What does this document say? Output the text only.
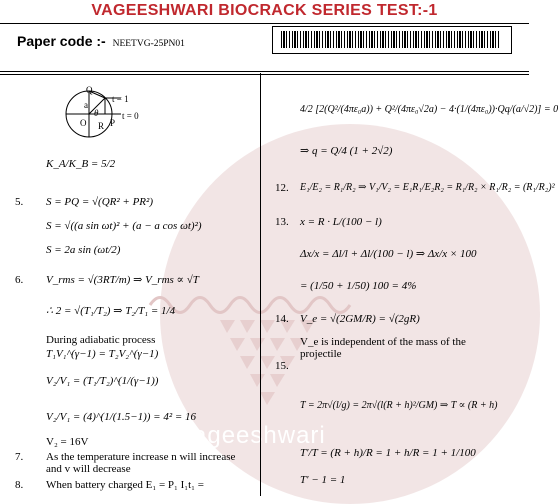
vageeshwari
VAGEESHWARI BIOCRACK SERIES TEST:-1
Paper code :- NEETVG-25PN01
Q
a
P
O R
θ
t = 1
t = 0
K_A/K_B = 5/2
5. S = PQ = √(QR² + PR²)
S = √((a sin ωt)² + (a − a cos ωt)²)
S = 2a sin (ωt/2)
6. V_rms = √(3RT/m) ⇒ V_rms ∝ √T
∴ 2 = √(T₁/T₂) ⇒ T₂/T₁ = 1/4
During adiabatic process
T₁V₁^(γ−1) = T₂V₂^(γ−1)
V₂/V₁ = (T₁/T₂)^(1/(γ−1))
V₂/V₁ = (4)^(1/(1.5−1)) = 4² = 16
V₂ = 16V
7. As the temperature increase n will increase
and v will decrease
8. When battery charged E₁ = P₁ I₁t₁ =
4/2 [2(Q²/(4πε₀a)) + Q²/(4πε₀√2a) − 4·(1/(4πε₀))·Qq/(a/√2)] = 0
⇒ q = Q/4 (1 + 2√2)
12. E₁/E₂ = R₁/R₂ ⇒ V₁/V₂ = E₁R₁/E₂R₂ = R₁/R₂ × R₁/R₂ = (R₁/R₂)²
13. x = R · L/(100 − l)
Δx/x = Δl/l + Δl/(100 − l) ⇒ Δx/x × 100
= (1/50 + 1/50) 100 = 4%
14. V_e = √(2GM/R) = √(2gR)
V_e is independent of the mass of the
projectile
15.
T = 2π√(l/g) = 2π√(l(R + h)²/GM) ⇒ T ∝ (R + h)
T′/T = (R + h)/R = 1 + h/R = 1 + 1/100
T′ − 1 = 1
